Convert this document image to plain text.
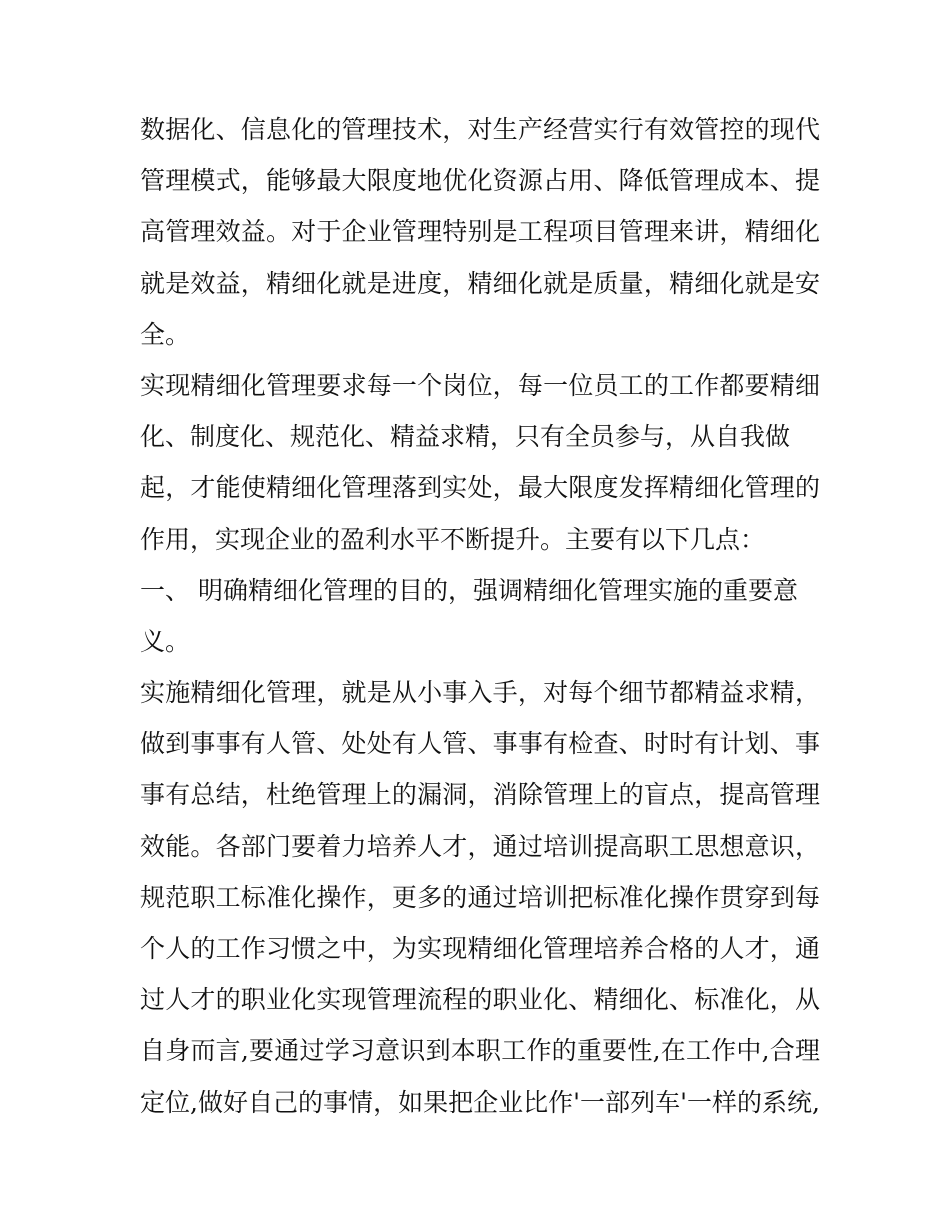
数据化、信息化的管理技术，对生产经营实行有效管控的现代
管理模式，能够最大限度地优化资源占用、降低管理成本、提
高管理效益。对于企业管理特别是工程项目管理来讲，精细化
就是效益，精细化就是进度，精细化就是质量，精细化就是安
全。
实现精细化管理要求每一个岗位，每一位员工的工作都要精细
化、制度化、规范化、精益求精，只有全员参与，从自我做
起，才能使精细化管理落到实处，最大限度发挥精细化管理的
作用，实现企业的盈利水平不断提升。主要有以下几点：
一、 明确精细化管理的目的，强调精细化管理实施的重要意
义。
实施精细化管理，就是从小事入手，对每个细节都精益求精，
做到事事有人管、处处有人管、事事有检查、时时有计划、事
事有总结，杜绝管理上的漏洞，消除管理上的盲点，提高管理
效能。各部门要着力培养人才，通过培训提高职工思想意识，
规范职工标准化操作，更多的通过培训把标准化操作贯穿到每
个人的工作习惯之中，为实现精细化管理培养合格的人才，通
过人才的职业化实现管理流程的职业化、精细化、标准化，从
自身而言,要通过学习意识到本职工作的重要性,在工作中,合理
定位,做好自己的事情，如果把企业比作'一部列车'一样的系统,
